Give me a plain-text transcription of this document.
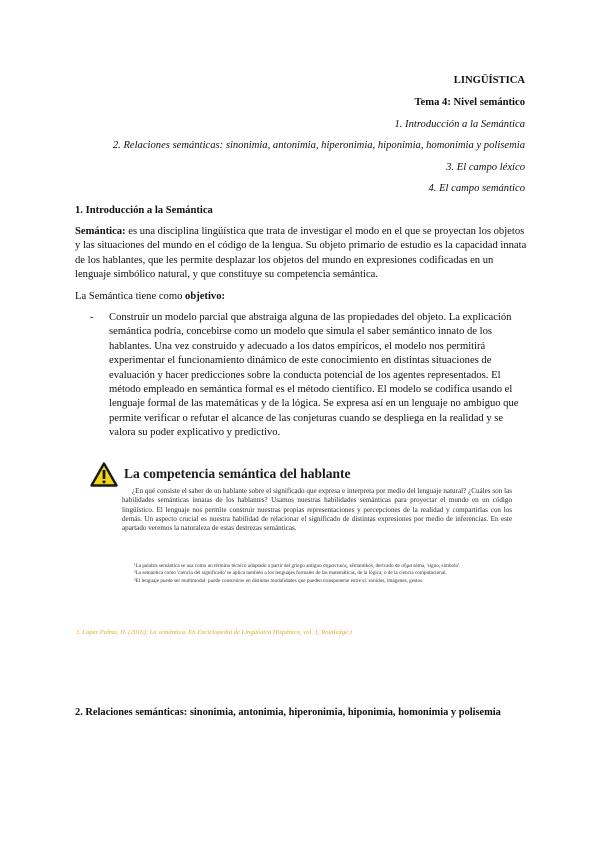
LINGÜÍSTICA
Tema 4: Nivel semántico
1. Introducción a la Semántica
2. Relaciones semánticas: sinonimia, antonimia, hiperonimia, hiponimia, homonimia y polisemia
3. El campo léxico
4. El campo semántico
1. Introducción a la Semántica
Semántica: es una disciplina lingüística que trata de investigar el modo en el que se proyectan los objetos y las situaciones del mundo en el código de la lengua. Su objeto primario de estudio es la capacidad innata de los hablantes, que les permite desplazar los objetos del mundo en expresiones codificadas en un lenguaje simbólico natural, y que constituye su competencia semántica.
La Semántica tiene como objetivo:
- Construir un modelo parcial que abstraiga alguna de las propiedades del objeto. La explicación semántica podría, concebirse como un modelo que simula el saber semántico innato de los hablantes. Una vez construido y adecuado a los datos empíricos, el modelo nos permitirá experimentar el funcionamiento dinámico de este conocimiento en distintas situaciones de evaluación y hacer predicciones sobre la conducta potencial de los agentes representados. El método empleado en semántica formal es el método científico. El modelo se codifica usando el lenguaje formal de las matemáticas y de la lógica. Se expresa así en un lenguaje no ambiguo que permite verificar o refutar el alcance de las conjeturas cuando se despliega en la realidad y se valora su poder explicativo y predictivo.
La competencia semántica del hablante
¿En qué consiste el saber de un hablante sobre el significado que expresa e interpreta por medio del lenguaje natural? ¿Cuáles son las habilidades semánticas innatas de los hablantes? Usamos nuestras habilidades semánticas para proyectar el mundo en un código lingüístico. El lenguaje nos permite construir nuestras propias representaciones y percepciones de la realidad y compartirlas con los demás. Un aspecto crucial es nuestra habilidad de relacionar el significado de distintas expresiones por medio de inferencias. En este apartado veremos la naturaleza de estas destrezas semánticas.
¹La palabra semántica se usa como un término técnico adaptado a partir del griego antiguo σημαντικός, sēmantikós, derivado de σῆμα sēma, 'signo, símbolo'.
²La semántica como 'ciencia del significado' se aplica también a los lenguajes formales de las matemáticas, de la lógica, o de la ciencia computacional.
³El lenguaje puede ser multimodal: puede construirse en distintas modalidades que pueden transponerse entre sí: sonidos, imágenes, gestos.
J. López Palma, H. (2016): La semántica. En Enciclopedia de Lingüística Hispánica, vol. 1, Routledge.)
2. Relaciones semánticas: sinonimia, antonimia, hiperonimia, hiponimia, homonimia y polisemia
